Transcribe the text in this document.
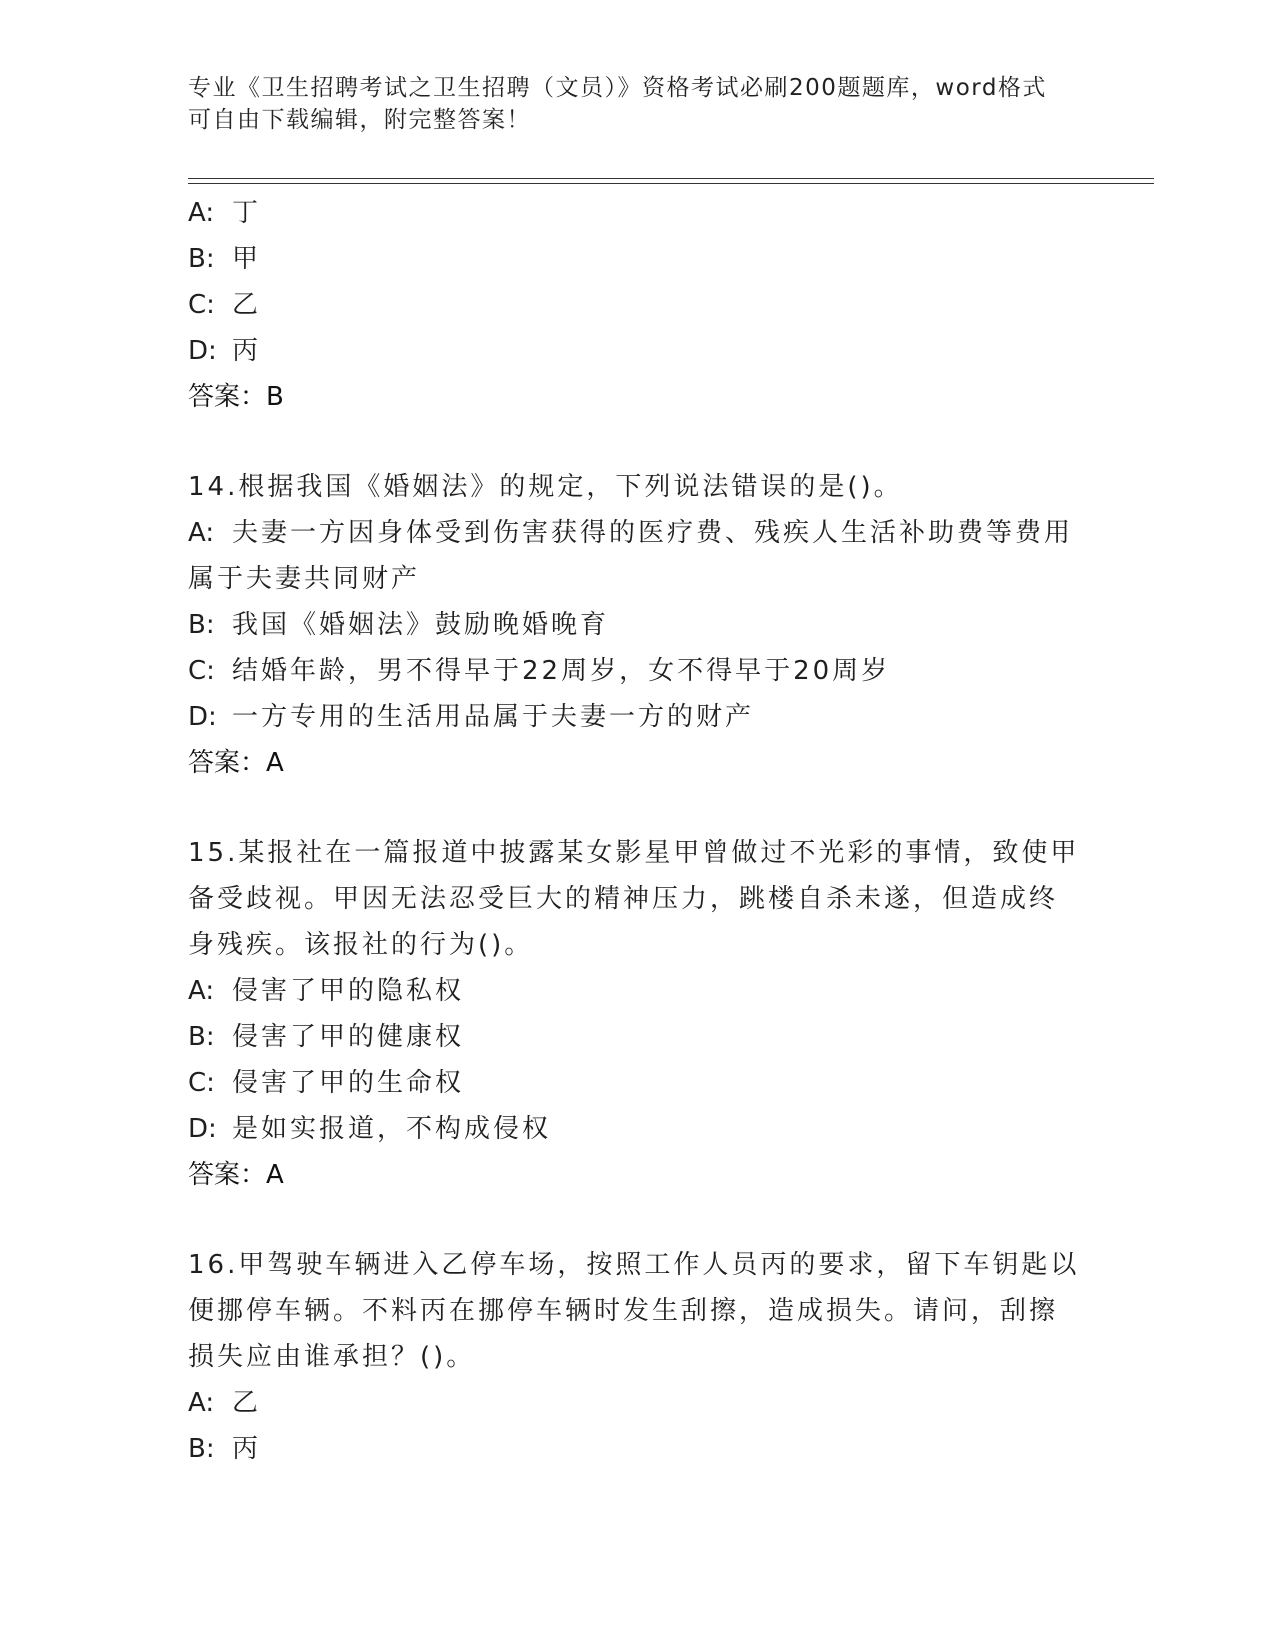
专业《卫生招聘考试之卫生招聘（文员）》资格考试必刷200题题库，word格式
可自由下载编辑，附完整答案！
A: 丁
B: 甲
C: 乙
D: 丙
答案：B
14.根据我国《婚姻法》的规定，下列说法错误的是()。
A: 夫妻一方因身体受到伤害获得的医疗费、残疾人生活补助费等费用
属于夫妻共同财产
B: 我国《婚姻法》鼓励晚婚晚育
C: 结婚年龄，男不得早于22周岁，女不得早于20周岁
D: 一方专用的生活用品属于夫妻一方的财产
答案：A
15.某报社在一篇报道中披露某女影星甲曾做过不光彩的事情，致使甲
备受歧视。甲因无法忍受巨大的精神压力，跳楼自杀未遂，但造成终
身残疾。该报社的行为()。
A: 侵害了甲的隐私权
B: 侵害了甲的健康权
C: 侵害了甲的生命权
D: 是如实报道，不构成侵权
答案：A
16.甲驾驶车辆进入乙停车场，按照工作人员丙的要求，留下车钥匙以
便挪停车辆。不料丙在挪停车辆时发生刮擦，造成损失。请问，刮擦
损失应由谁承担？()。
A: 乙
B: 丙
